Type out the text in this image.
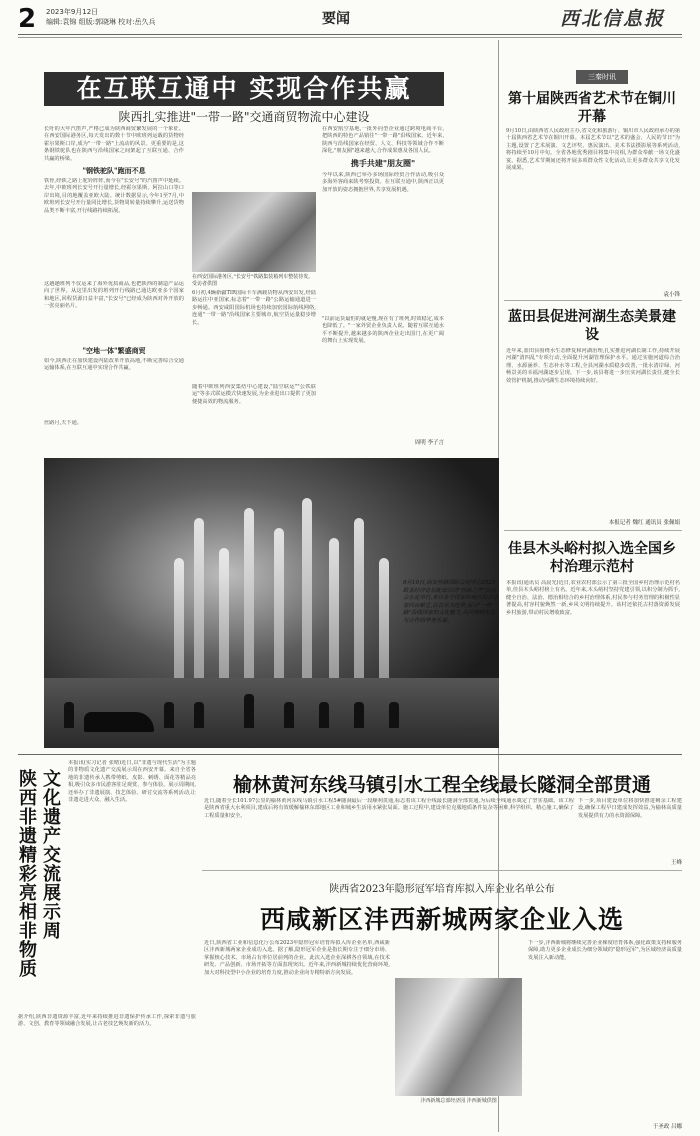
2 2023年9月12日
编辑:袁锦 组版:郭晓琳 校对:岳久兵	要闻	西北信息报
在互联互通中 实现合作共赢
陕西扎实推进"一带一路"交通商贸物流中心建设
长吁的大年汽笛声,严格已成为陕西商贸繁发展的一个象征。在西安国际港务区,每天发出的数十节中欧班列运载的货物经霍尔果斯口岸,成为"一带一路"上流动的风景。更重要的是,这条钢铁驼队也在陕西与沿线国家之间架起了互联互通、合作共赢的桥梁。
"钢铁驼队"跑而不息
铁骨,经陕之路上驼铃阵阵,而今在"长安号"的汽笛声中延续。去年,中欧班列长安号开行量增长,经霍尔果斯、阿拉山口等口岸出境,目的地覆盖亚欧大陆。统计数据显示,今年1至7月,中欧班列长安号开行量同比增长,货物周转量持续攀升,运送货物品类不断丰富,开行线路持续拓展。
这趟趟班列不仅运来了海外优质商品,也把陕西的制造产品运向了世界。从这里出发的班列开行线路已通达欧亚多个国家和地区,回程货源日益丰富,"长安号"已经成为陕西对外开放的一张亮丽名片。
"空地一体"繁盛商贸
如今,陕西正在加快建设内陆改革开放高地,不断完善综合交通运输体系,在互联互通中实现合作共赢。
丝路月,天下通。
在西安国际港务区,"长安号"铁路集装箱列车整装待发。受访者供图
6月初,4辆新疆TIR国际卡车满载货物从西安出发,经陆路运往中亚国家,标志着"一带一路"公路运输通道进一步畅通。西安咸阳国际机场也持续加密国际航线网络,连通"一带一路"沿线国家主要城市,航空货运量稳步增长。
随着中欧班列西安集结中心建设,"陆空联运""公铁联运"等多式联运模式快速发展,为企业进出口提供了更加便捷高效的物流服务。
携手共建"朋友圈"
在西安航空基地,一批外向型企业通过跨境电商平台,把陕西的特色产品销往"一带一路"沿线国家。近年来,陕西与沿线国家在经贸、人文、科技等领域合作不断深化,"朋友圈"越来越大,合作成果惠及各国人民。
今年以来,陕西已举办多场国际经贸合作活动,吸引众多海外客商来陕考察投资。在互联互通中,陕西正以更加开放的姿态拥抱世界,共享发展机遇。
"以前运货最怕的就是慢,现在有了班列,时效稳定,成本也降低了。"一家外贸企业负责人说。随着互联互通水平不断提升,越来越多的陕西企业走出国门,在更广阔的舞台上实现发展。
周明 李子言
9月10日,西安丝路国际会展中心2023欧亚经济论坛配套活动"丝路之声"音乐会在此举行,来自多个国家和地区的音乐家同台献艺,以音乐为纽带,展示"一带一路"沿线国家的文化魅力,共同奏响友谊与合作的华美乐章。
图为演出现场。 联商
三秦时讯
第十届陕西省艺术节在铜川开幕
9月10日,由陕西省人民政府主办,省文化和旅游厅、铜川市人民政府承办的第十届陕西省艺术节在铜川开幕。本届艺术节以"艺术的盛会、人民的节日"为主题,设置了艺术展演、文艺评奖、惠民演出、美术书法摄影展等系列活动,将持续至10月中旬。全省各地优秀剧目将集中亮相,为群众奉献一场文化盛宴。据悉,艺术节期间还将开展多项群众性文化活动,让更多群众共享文化发展成果。
袁小锋
蓝田县促进河湖生态美景建设
近年来,蓝田县围绕水生态修复和河湖治理,扎实推进河湖长制工作,持续开展河湖"清四乱"专项行动,全面提升河湖管理保护水平。通过实施河道综合治理、水源涵养、生态补水等工程,全县河湖水质稳步改善,一批水清岸绿、河畅景美的幸福河湖逐步呈现。下一步,该县将进一步压实河湖长责任,健全长效管护机制,推动河湖生态环境持续向好。
本报记者 魏红 通讯员 张佩娟
佳县木头峪村拟入选全国乡村治理示范村
本报讯(通讯员 高晨光)近日,农业农村部公示了第三批全国乡村治理示范村名单,佳县木头峪村榜上有名。近年来,木头峪村坚持党建引领,以积分制为抓手,健全自治、法治、德治相结合的乡村治理体系,村民参与村务管理的积极性显著提高,村容村貌焕然一新,乡风文明持续提升。该村还依托古村落资源发展乡村旅游,带动村民增收致富。
陕西非遗精彩亮相非物质
文化遗产交流展示周
本报讯(实习记者 张晴)近日,以"非遗与现代生活"为主题的非物质文化遗产交流展示周在西安开幕。来自全省各地的非遗传承人携带剪纸、皮影、刺绣、面花等精品亮相,吸引众多市民游客驻足观赏、参与体验。展示周期间,还举办了非遗展演、技艺体验、研讨交流等系列活动,让非遗走进大众、融入生活。
据介绍,陕西非遗资源丰富,近年来持续推进非遗保护传承工作,探索非遗与旅游、文创、教育等领域融合发展,让古老技艺焕发新的活力。
榆林黄河东线马镇引水工程全线最长隧洞全部贯通
近日,随着全长101.97公里的榆林黄河东线马镇引水工程5#隧洞最后一段顺利贯通,标志着该工程全线最长隧洞全部贯通,为后续全线通水奠定了坚实基础。该工程是陕西省重大水利项目,建成后将有效缓解榆林东部地区工业和城乡生活用水紧张局面。施工过程中,建设单位克服地质条件复杂等困难,科学组织、精心施工,确保了工程质量和安全。
下一步,项目建设单位将加快推进剩余工程建设,确保工程早日建成发挥效益,为榆林高质量发展提供有力的水资源保障。
王峰
陕西省2023年隐形冠军培育库拟入库企业名单公布
西咸新区沣西新城两家企业入选
近日,陕西省工业和信息化厅公布2023年隐形冠军培育库拟入库企业名单,西咸新区沣西新城两家企业成功入选。据了解,隐形冠军企业是指长期专注于细分市场、掌握核心技术、市场占有率位居前列的企业。此次入选企业深耕各自领域,在技术研发、产品创新、市场开拓等方面表现突出。近年来,沣西新城持续优化营商环境,加大对科技型中小企业的培育力度,推动企业向专精特新方向发展。
沣西新城总部经济园 沣西新城供图
下一步,沣西新城将继续完善企业梯度培育体系,强化政策支持和服务保障,助力更多企业成长为细分领域的"隐形冠军",为区域经济高质量发展注入新动能。
于圣政 吕娜
